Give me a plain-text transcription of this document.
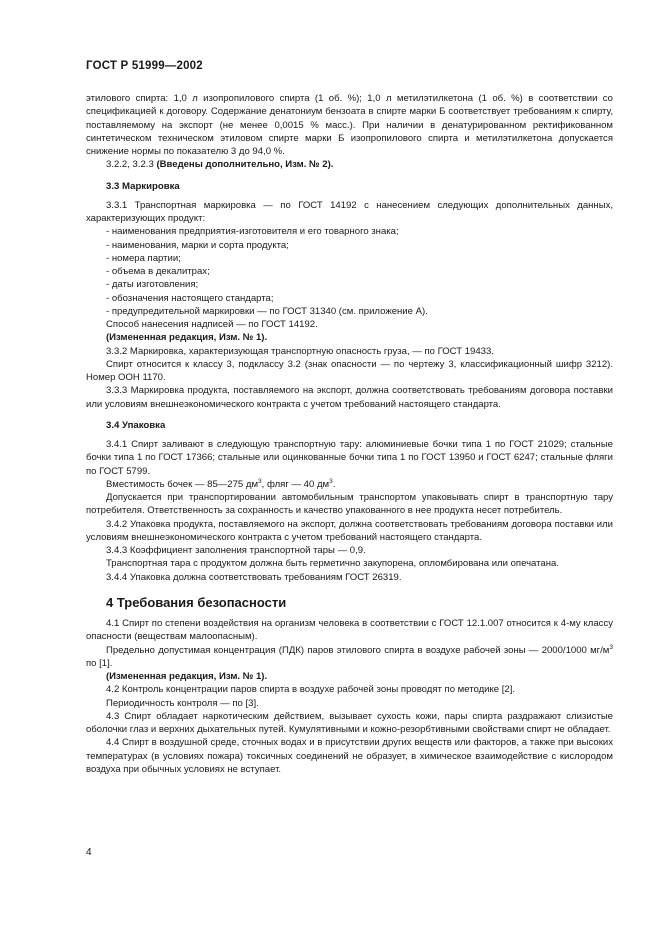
ГОСТ Р 51999—2002

этилового спирта: 1,0 л изопропилового спирта (1 об. %); 1,0 л метилэтилкетона (1 об. %) в соответствии со спецификацией к договору. Содержание денатониум бензоата в спирте марки Б соответствует требованиям к спирту, поставляемому на экспорт (не менее 0,0015 % масс.). При наличии в денатурированном ректификованном синтетическом техническом этиловом спирте марки Б изопропилового спирта и метилэтилкетона допускается снижение нормы по показателю 3 до 94,0 %.

3.2.2, 3.2.3 (Введены дополнительно, Изм. № 2).

3.3 Маркировка

3.3.1 Транспортная маркировка — по ГОСТ 14192 с нанесением следующих дополнительных данных, характеризующих продукт:

- наименования предприятия-изготовителя и его товарного знака;

- наименования, марки и сорта продукта;

- номера партии;

- объема в декалитрах;

- даты изготовления;

- обозначения настоящего стандарта;

- предупредительной маркировки — по ГОСТ 31340 (см. приложение А).

Способ нанесения надписей — по ГОСТ 14192.

(Измененная редакция, Изм. № 1).

3.3.2 Маркировка, характеризующая транспортную опасность груза, — по ГОСТ 19433.

Спирт относится к классу 3, подклассу 3.2 (знак опасности — по чертежу 3, классификационный шифр 3212). Номер ООН 1170.

3.3.3 Маркировка продукта, поставляемого на экспорт, должна соответствовать требованиям договора поставки или условиям внешнеэкономического контракта с учетом требований настоящего стандарта.

3.4 Упаковка

3.4.1 Спирт заливают в следующую транспортную тару: алюминиевые бочки типа 1 по ГОСТ 21029; стальные бочки типа 1 по ГОСТ 17366; стальные или оцинкованные бочки типа 1 по ГОСТ 13950 и ГОСТ 6247; стальные фляги по ГОСТ 5799.

Вместимость бочек — 85—275 $дм^3$, фляг — 40 $дм^3$.

Допускается при транспортировании автомобильным транспортом упаковывать спирт в транспортную тару потребителя. Ответственность за сохранность и качество упакованного в нее продукта несет потребитель.

3.4.2 Упаковка продукта, поставляемого на экспорт, должна соответствовать требованиям договора поставки или условиям внешнеэкономического контракта с учетом требований настоящего стандарта.

3.4.3 Коэффициент заполнения транспортной тары — 0,9.

Транспортная тара с продуктом должна быть герметично закупорена, опломбирована или опечатана.

3.4.4 Упаковка должна соответствовать требованиям ГОСТ 26319.

4 Требования безопасности

4.1 Спирт по степени воздействия на организм человека в соответствии с ГОСТ 12.1.007 относится к 4-му классу опасности (веществам малоопасным).

Предельно допустимая концентрация (ПДК) паров этилового спирта в воздухе рабочей зоны — 2000/1000 $мг/м^3$ по [1].

(Измененная редакция, Изм. № 1).

4.2 Контроль концентрации паров спирта в воздухе рабочей зоны проводят по методике [2].

Периодичность контроля — по [3].

4.3 Спирт обладает наркотическим действием, вызывает сухость кожи, пары спирта раздражают слизистые оболочки глаз и верхних дыхательных путей. Кумулятивными и кожно-резорбтивными свойствами спирт не обладает.

4.4 Спирт в воздушной среде, сточных водах и в присутствии других веществ или факторов, а также при высоких температурах (в условиях пожара) токсичных соединений не образует, в химическое взаимодействие с кислородом воздуха при обычных условиях не вступает.

4
